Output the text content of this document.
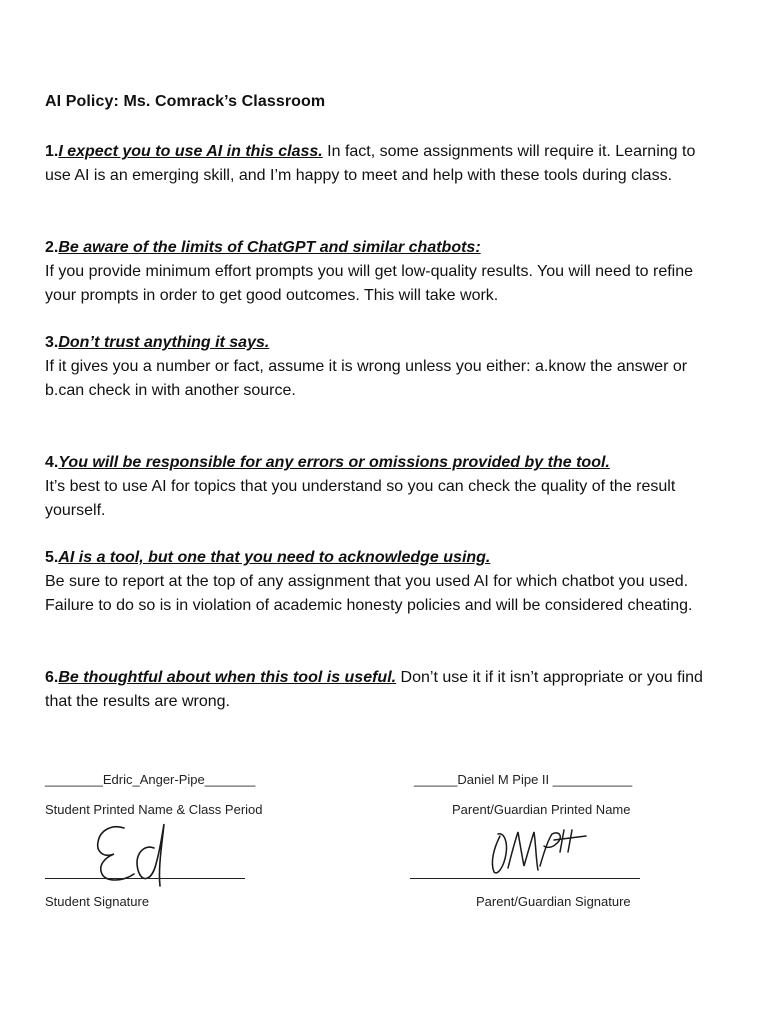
AI Policy: Ms. Comrack’s Classroom
1.I expect you to use AI in this class. In fact, some assignments will require it. Learning to use AI is an emerging skill, and I’m happy to meet and help with these tools during class.
2.Be aware of the limits of ChatGPT and similar chatbots:
If you provide minimum effort prompts you will get low-quality results. You will need to refine your prompts in order to get good outcomes. This will take work.
3.Don’t trust anything it says.
If it gives you a number or fact, assume it is wrong unless you either: a.know the answer or
b.can check in with another source.
4.You will be responsible for any errors or omissions provided by the tool.
It’s best to use AI for topics that you understand so you can check the quality of the result yourself.
5.AI is a tool, but one that you need to acknowledge using.
Be sure to report at the top of any assignment that you used AI for which chatbot you used. Failure to do so is in violation of academic honesty policies and will be considered cheating.
6.Be thoughtful about when this tool is useful. Don’t use it if it isn’t appropriate or you find that the results are wrong.
________Edric_Anger-Pipe_______
Student Printed Name & Class Period
Student Signature
______Daniel M Pipe II ___________
Parent/Guardian Printed Name
Parent/Guardian Signature
